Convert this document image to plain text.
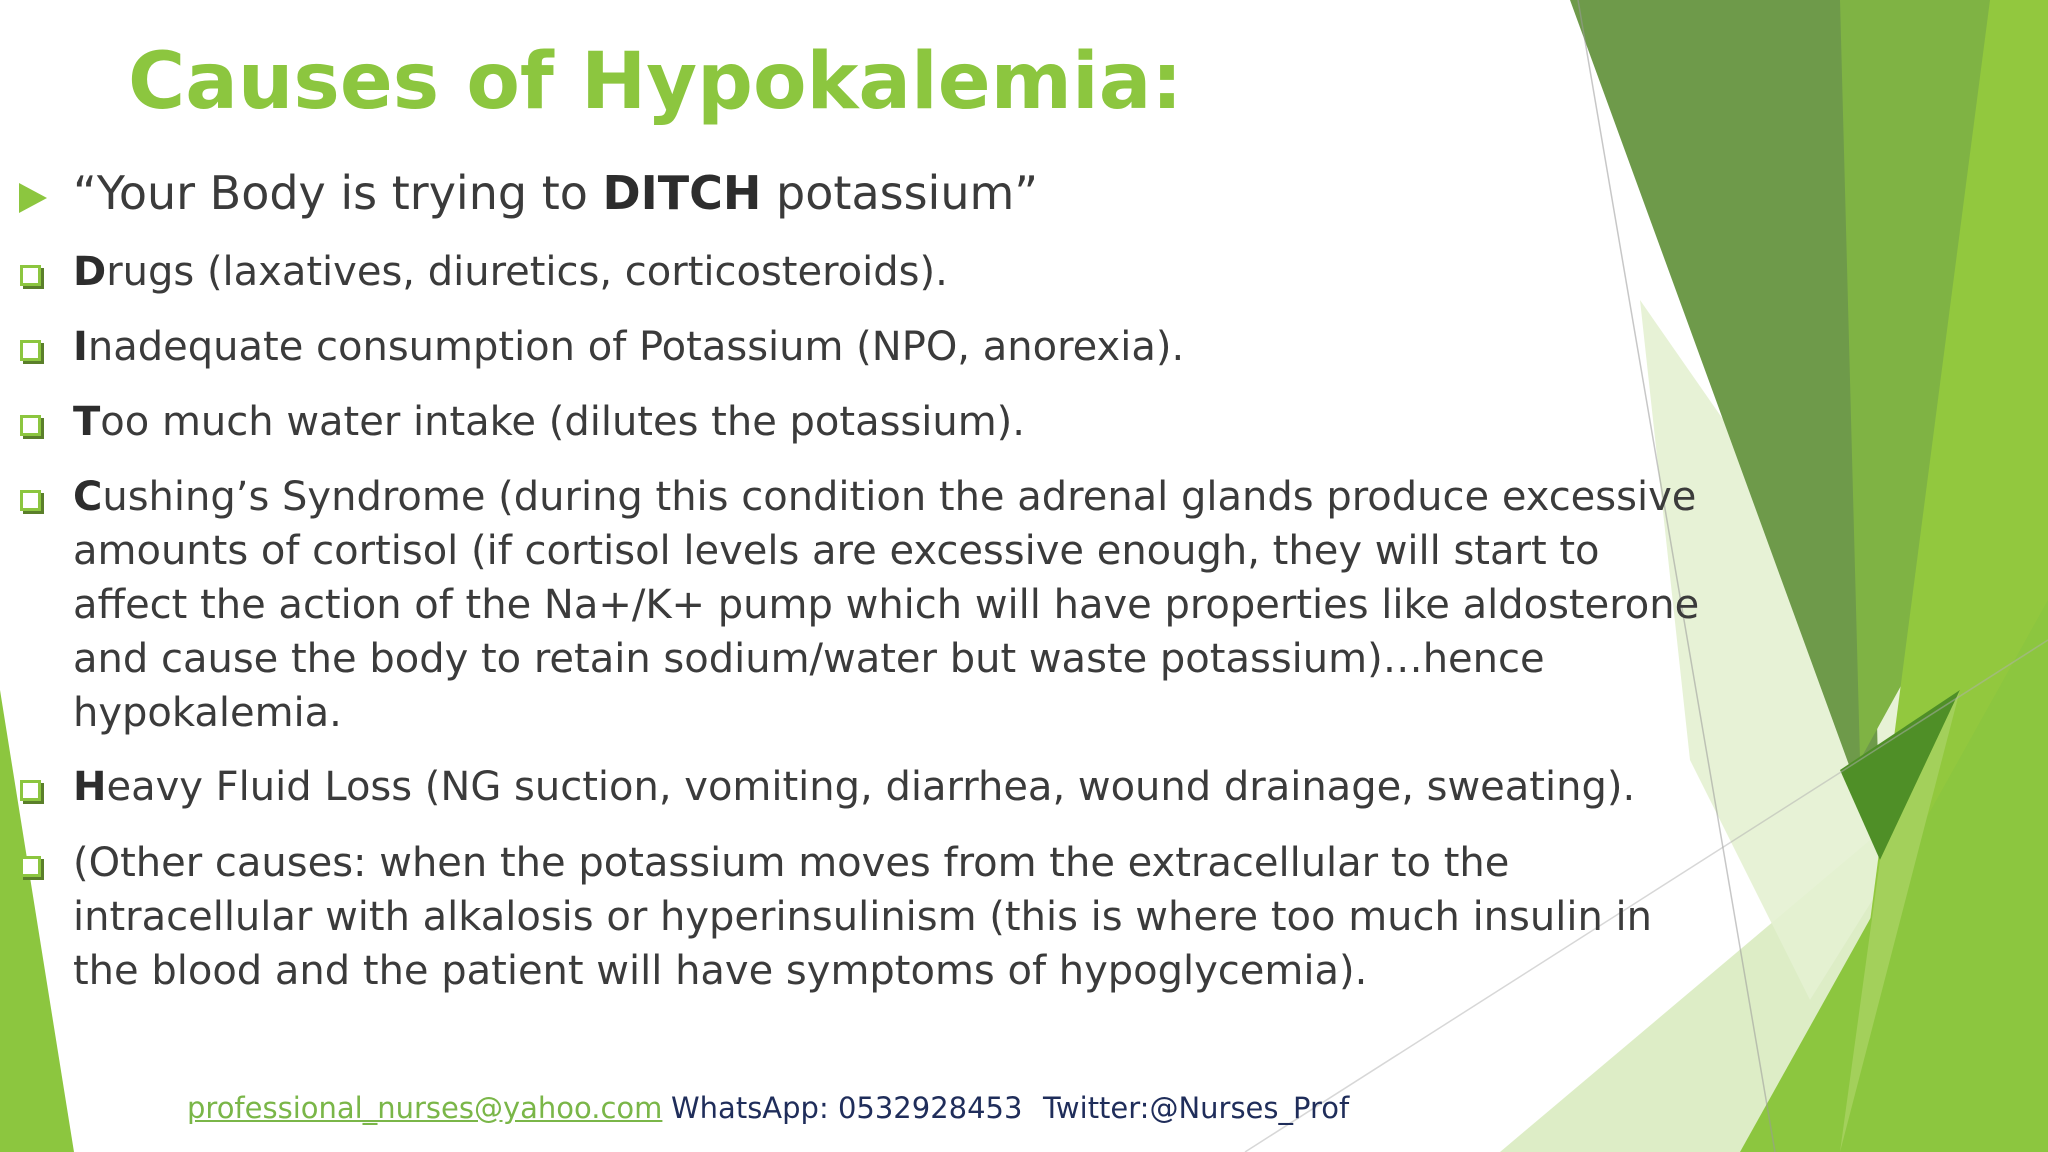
Causes of Hypokalemia:
“Your Body is trying to DITCH potassium”
Drugs (laxatives, diuretics, corticosteroids).
Inadequate consumption of Potassium (NPO, anorexia).
Too much water intake (dilutes the potassium).
Cushing’s Syndrome (during this condition the adrenal glands produce excessive
amounts of cortisol (if cortisol levels are excessive enough, they will start to
affect the action of the Na+/K+ pump which will have properties like aldosterone
and cause the body to retain sodium/water but waste potassium)…hence
hypokalemia.
Heavy Fluid Loss (NG suction, vomiting, diarrhea, wound drainage, sweating).
(Other causes: when the potassium moves from the extracellular to the
intracellular with alkalosis or hyperinsulinism (this is where too much insulin in
the blood and the patient will have symptoms of hypoglycemia).
professional_nurses@yahoo.com WhatsApp: 0532928453 Twitter:@Nurses_Prof
